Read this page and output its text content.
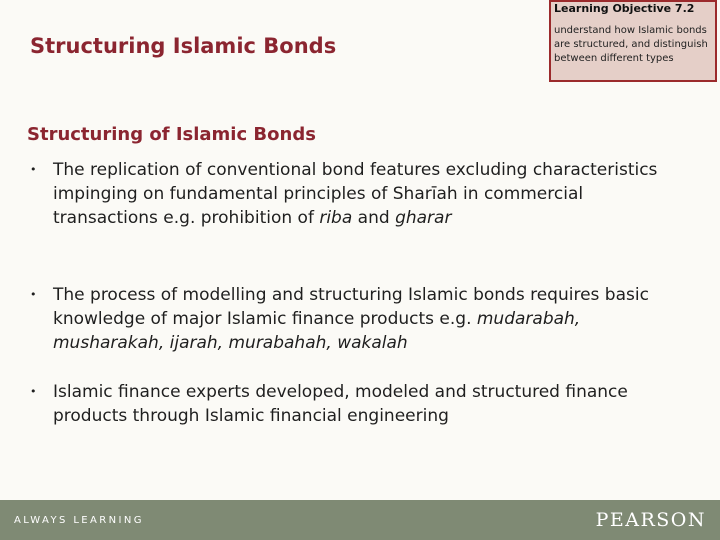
Structuring Islamic Bonds
Learning Objective 7.2
understand how Islamic bonds are structured, and distinguish between different types
Structuring of Islamic Bonds
• The replication of conventional bond features excluding characteristics impinging on fundamental principles of Sharīah in commercial transactions e.g. prohibition of riba and gharar
• The process of modelling and structuring Islamic bonds requires basic knowledge of major Islamic finance products e.g. mudarabah, musharakah, ijarah, murabahah, wakalah
• Islamic finance experts developed, modeled and structured finance products through Islamic financial engineering
ALWAYS LEARNING	PEARSON
